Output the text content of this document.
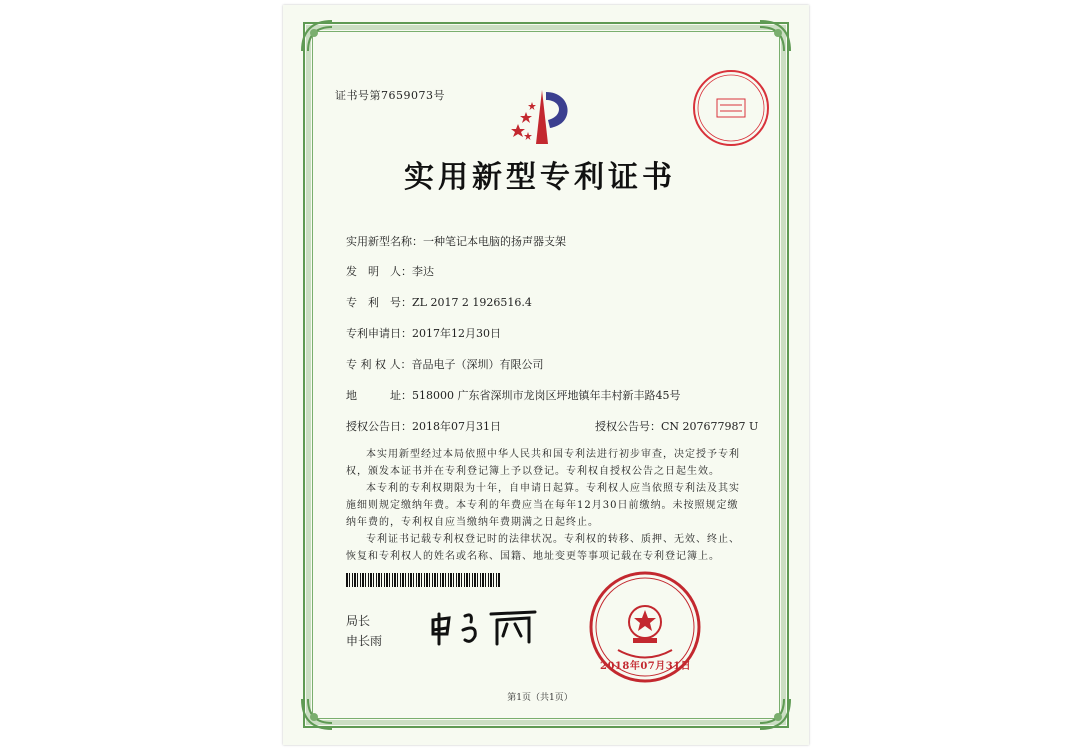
证书号第7659073号
实用新型专利证书
实用新型名称：一种笔记本电脑的扬声器支架
发　明　人：李达
专　利　号：ZL 2017 2 1926516.4
专利申请日：2017年12月30日
专 利 权 人：音品电子（深圳）有限公司
地　　　址：518000 广东省深圳市龙岗区坪地镇年丰村新丰路45号
授权公告日：2018年07月31日	授权公告号：CN 207677987 U
本实用新型经过本局依照中华人民共和国专利法进行初步审查，决定授予专利权，颁发本证书并在专利登记簿上予以登记。专利权自授权公告之日起生效。
本专利的专利权期限为十年，自申请日起算。专利权人应当依照专利法及其实施细则规定缴纳年费。本专利的年费应当在每年12月30日前缴纳。未按照规定缴纳年费的，专利权自应当缴纳年费期满之日起终止。
专利证书记载专利权登记时的法律状况。专利权的转移、质押、无效、终止、恢复和专利权人的姓名或名称、国籍、地址变更等事项记载在专利登记簿上。
局长
申长雨
2018年07月31日
第1页（共1页）
